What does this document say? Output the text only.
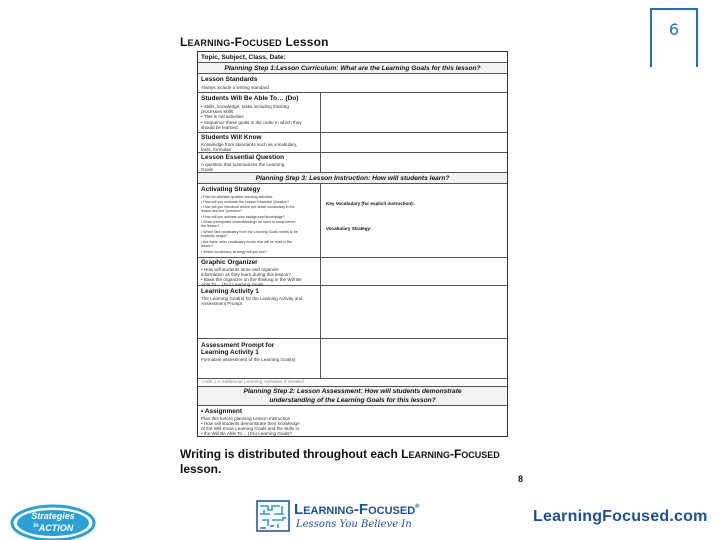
6
LEARNING-FOCUSED Lesson
Topic, Subject, Class, Date:
Planning Step 1:Lesson Curriculum: What are the Learning Goals for this lesson?
Lesson Standards
Always include a writing standard
Students Will Be Able To… (Do)
• Skills, knowledge, tasks including thinking
processes skills
• This is not activities
• Sequence these goals in the order in which they
should be learned
Students Will Know
Knowledge from standards such as vocabulary,
facts, formulas
Lesson Essential Question
A question that summarizes the Learning
Goals
Planning Step 3: Lesson Instruction: How will students learn?
Activating Strategy
• Plan for attention grabber learning activities
• How will you motivate the Lesson Essential Question?
• How will you introduce and/or pre-teach vocabulary in the
lesson and the Question?
• How will you activate prior background knowledge?
• What prerequisite understandings do need to know before
the lesson?
• Which fast vocabulary from the Learning Goals needs to be
explicitly taught?
• Are there other vocabulary words that will be read in the
lesson?
• Which vocabulary strategy will you use?
Key Vocabulary (for explicit instruction):
Vocabulary Strategy:
Graphic Organizer
• How will students store and organize
information as they learn during this lesson?
• Base the organizer on the thinking in the Will Be
Able To… (Do) Learning Goals
Learning Activity 1
The Learning Goal(s) for the Learning Activity and
Assessment Prompt
Assessment Prompt for
Learning Activity 1
Formative assessment of the Learning Goal(s)
+Add 1-2 additional Learning Activities if needed
Planning Step 2: Lesson Assessment: How will students demonstrate
understanding of the Learning Goals for this lesson?
• Assignment
Plan this before planning Lesson Instruction
• How will students demonstrate their knowledge
of the Will Know Learning Goals and the skills in
• the Will Be Able To… (Do) Learning Goals?
Writing is distributed throughout each LEARNING-FOCUSED
lesson.
8
Strategies
in ACTION
LEARNING-FOCUSED®
Lessons You Believe In	LearningFocused.com
